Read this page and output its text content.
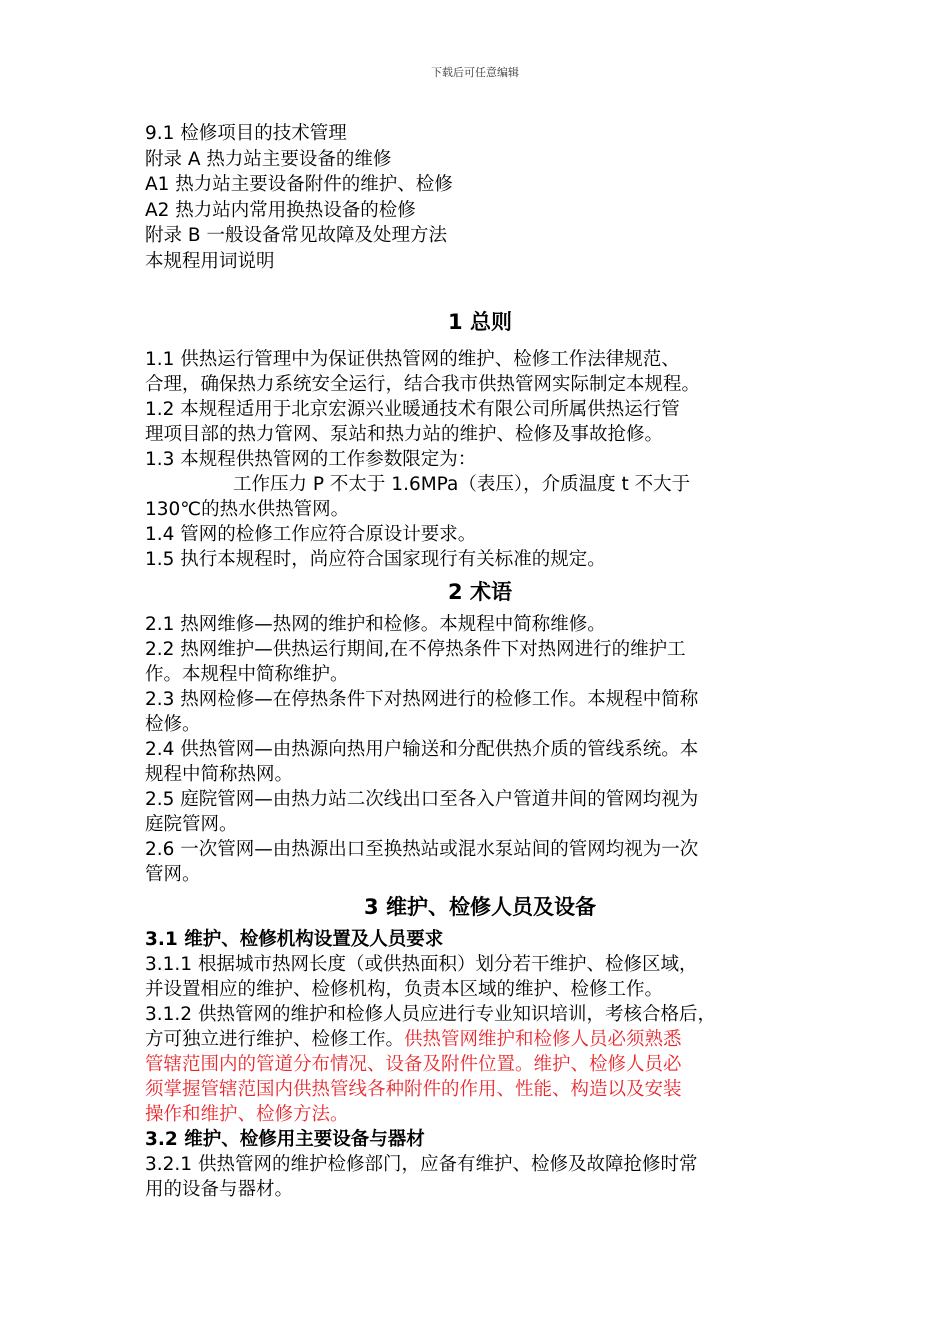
下载后可任意编辑

9.1 检修项目的技术管理

附录 A 热力站主要设备的维修

A1 热力站主要设备附件的维护、检修

A2 热力站内常用换热设备的检修

附录 B 一般设备常见故障及处理方法

本规程用词说明

1 总则

1.1 供热运行管理中为保证供热管网的维护、检修工作法律规范、

合理，确保热力系统安全运行，结合我市供热管网实际制定本规程。

1.2 本规程适用于北京宏源兴业暖通技术有限公司所属供热运行管

理项目部的热力管网、泵站和热力站的维护、检修及事故抢修。

1.3 本规程供热管网的工作参数限定为：

工作压力 P 不太于 1.6MPa（表压），介质温度 t 不大于

130℃的热水供热管网。

1.4 管网的检修工作应符合原设计要求。

1.5 执行本规程时，尚应符合国家现行有关标准的规定。

2 术语

2.1 热网维修—热网的维护和检修。本规程中简称维修。

2.2 热网维护—供热运行期间,在不停热条件下对热网进行的维护工

作。本规程中简称维护。

2.3 热网检修—在停热条件下对热网进行的检修工作。本规程中简称

检修。

2.4 供热管网—由热源向热用户输送和分配供热介质的管线系统。本

规程中简称热网。

2.5 庭院管网—由热力站二次线出口至各入户管道井间的管网均视为

庭院管网。

2.6 一次管网—由热源出口至换热站或混水泵站间的管网均视为一次

管网。

3 维护、检修人员及设备

3.1 维护、检修机构设置及人员要求

3.1.1 根据城市热网长度（或供热面积）划分若干维护、检修区域，

并设置相应的维护、检修机构，负责本区域的维护、检修工作。

3.1.2 供热管网的维护和检修人员应进行专业知识培训，考核合格后，

方可独立进行维护、检修工作。供热管网维护和检修人员必须熟悉

管辖范围内的管道分布情况、设备及附件位置。维护、检修人员必

须掌握管辖范国内供热管线各种附件的作用、性能、构造以及安装

操作和维护、检修方法。

3.2 维护、检修用主要设备与器材

3.2.1 供热管网的维护检修部门，应备有维护、检修及故障抢修时常

用的设备与器材。
